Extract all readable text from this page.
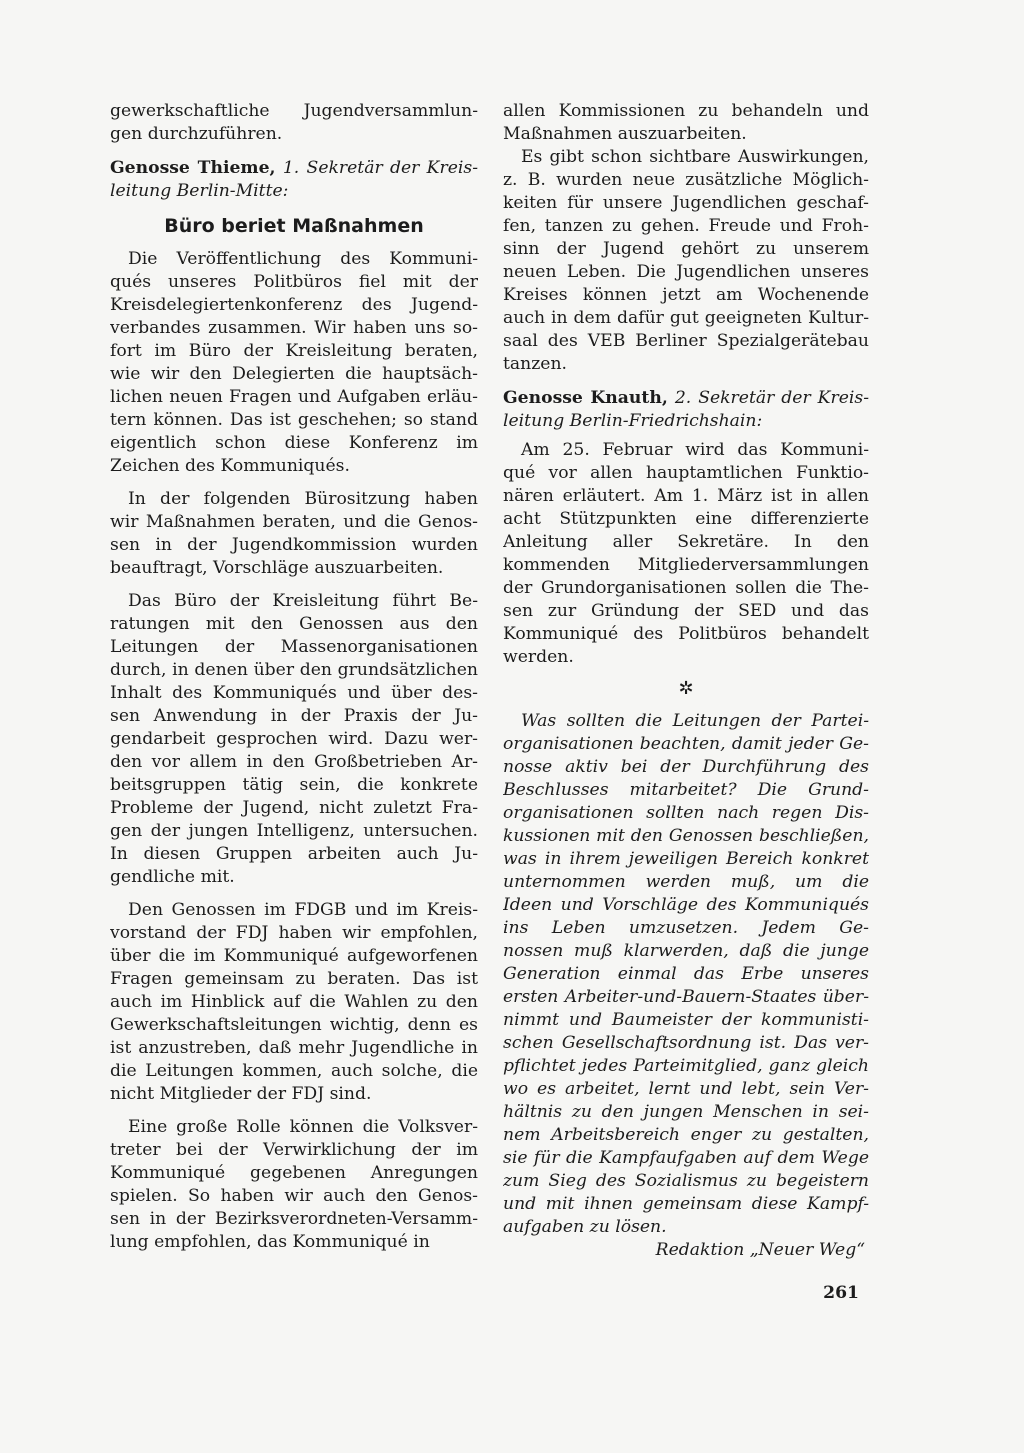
gewerkschaftliche Jugendversammlun-
gen durchzuführen.
Genosse Thieme, 1. Sekretär der Kreis-
leitung Berlin-Mitte:
Büro beriet Maßnahmen
Die Veröffentlichung des Kommuni-
qués unseres Politbüros fiel mit der
Kreisdelegiertenkonferenz des Jugend-
verbandes zusammen. Wir haben uns so-
fort im Büro der Kreisleitung beraten,
wie wir den Delegierten die hauptsäch-
lichen neuen Fragen und Aufgaben erläu-
tern können. Das ist geschehen; so stand
eigentlich schon diese Konferenz im
Zeichen des Kommuniqués.
In der folgenden Bürositzung haben
wir Maßnahmen beraten, und die Genos-
sen in der Jugendkommission wurden
beauftragt, Vorschläge auszuarbeiten.
Das Büro der Kreisleitung führt Be-
ratungen mit den Genossen aus den
Leitungen der Massenorganisationen
durch, in denen über den grundsätzlichen
Inhalt des Kommuniqués und über des-
sen Anwendung in der Praxis der Ju-
gendarbeit gesprochen wird. Dazu wer-
den vor allem in den Großbetrieben Ar-
beitsgruppen tätig sein, die konkrete
Probleme der Jugend, nicht zuletzt Fra-
gen der jungen Intelligenz, untersuchen.
In diesen Gruppen arbeiten auch Ju-
gendliche mit.
Den Genossen im FDGB und im Kreis-
vorstand der FDJ haben wir empfohlen,
über die im Kommuniqué aufgeworfenen
Fragen gemeinsam zu beraten. Das ist
auch im Hinblick auf die Wahlen zu den
Gewerkschaftsleitungen wichtig, denn es
ist anzustreben, daß mehr Jugendliche in
die Leitungen kommen, auch solche, die
nicht Mitglieder der FDJ sind.
Eine große Rolle können die Volksver-
treter bei der Verwirklichung der im
Kommuniqué gegebenen Anregungen
spielen. So haben wir auch den Genos-
sen in der Bezirksverordneten-Versamm-
lung empfohlen, das Kommuniqué in
allen Kommissionen zu behandeln und
Maßnahmen auszuarbeiten.
Es gibt schon sichtbare Auswirkungen,
z. B. wurden neue zusätzliche Möglich-
keiten für unsere Jugendlichen geschaf-
fen, tanzen zu gehen. Freude und Froh-
sinn der Jugend gehört zu unserem
neuen Leben. Die Jugendlichen unseres
Kreises können jetzt am Wochenende
auch in dem dafür gut geeigneten Kultur-
saal des VEB Berliner Spezialgerätebau
tanzen.
Genosse Knauth, 2. Sekretär der Kreis-
leitung Berlin-Friedrichshain:
Am 25. Februar wird das Kommuni-
qué vor allen hauptamtlichen Funktio-
nären erläutert. Am 1. März ist in allen
acht Stützpunkten eine differenzierte
Anleitung aller Sekretäre. In den
kommenden Mitgliederversammlungen
der Grundorganisationen sollen die The-
sen zur Gründung der SED und das
Kommuniqué des Politbüros behandelt
werden.
✲
Was sollten die Leitungen der Partei-
organisationen beachten, damit jeder Ge-
nosse aktiv bei der Durchführung des
Beschlusses mitarbeitet? Die Grund-
organisationen sollten nach regen Dis-
kussionen mit den Genossen beschließen,
was in ihrem jeweiligen Bereich konkret
unternommen werden muß, um die
Ideen und Vorschläge des Kommuniqués
ins Leben umzusetzen. Jedem Ge-
nossen muß klarwerden, daß die junge
Generation einmal das Erbe unseres
ersten Arbeiter-und-Bauern-Staates über-
nimmt und Baumeister der kommunisti-
schen Gesellschaftsordnung ist. Das ver-
pflichtet jedes Parteimitglied, ganz gleich
wo es arbeitet, lernt und lebt, sein Ver-
hältnis zu den jungen Menschen in sei-
nem Arbeitsbereich enger zu gestalten,
sie für die Kampfaufgaben auf dem Wege
zum Sieg des Sozialismus zu begeistern
und mit ihnen gemeinsam diese Kampf-
aufgaben zu lösen.
Redaktion „Neuer Weg“
261
